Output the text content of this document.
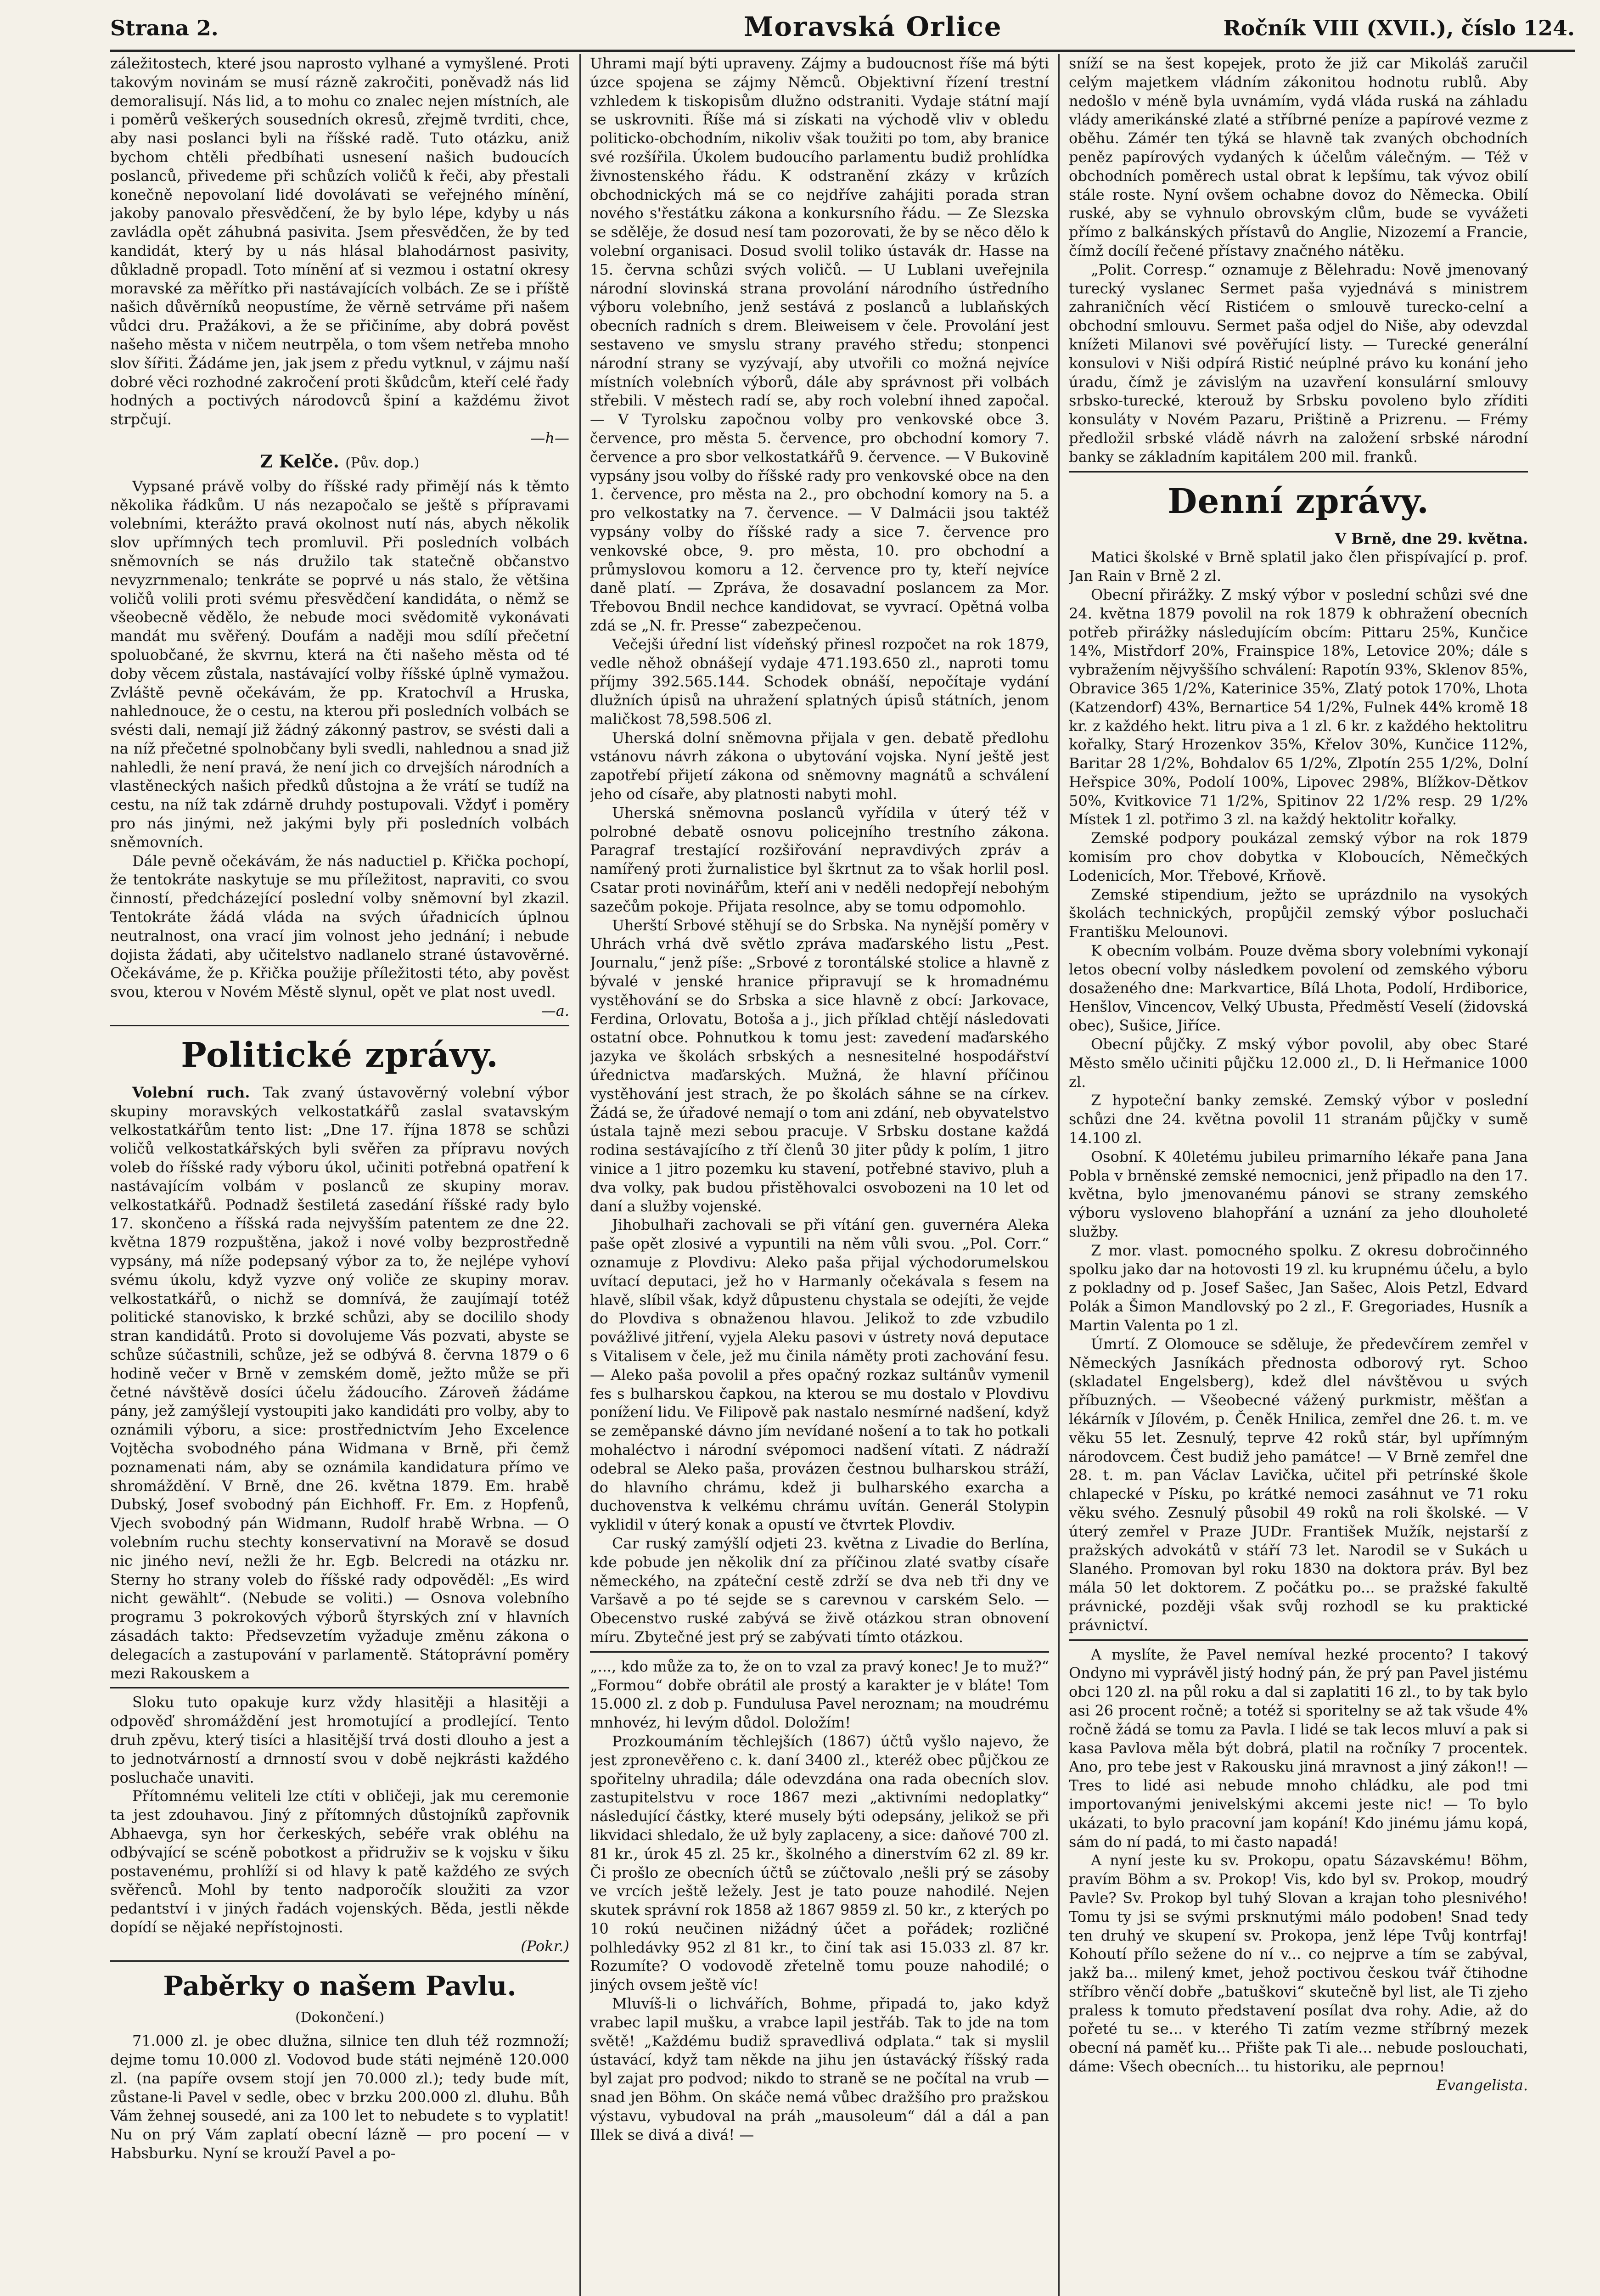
Strana 2.	Moravská Orlice	Ročník VIII (XVII.), číslo 124.

záležitostech, které jsou naprosto vylhané a vymyšlené. Proti takovým novinám se musí rázně zakročiti, poněvadž nás lid demoralisují. Nás lid, a to mohu co znalec nejen místních, ale i poměrů veškerých sousedních okresů, zřejmě tvrditi, chce, aby nasi poslanci byli na říšské radě. Tuto otázku, aniž bychom chtěli předbíhati usnesení našich budoucích poslanců, přivedeme při schůzích voličů k řeči, aby přestali konečně nepovolaní lidé dovolávati se veřejného mínění, jakoby panovalo přesvědčení, že by bylo lépe, kdyby u nás zavládla opět záhubná pasivita. Jsem přesvědčen, že by teď kandidát, který by u nás hlásal blahodárnost pasivity, důkladně propadl. Toto mínění ať si vezmou i ostatní okresy moravské za měřítko při nastávajících volbách. Ze se i příště našich důvěrníků neopustíme, že věrně setrváme při našem vůdci dru. Pražákovi, a že se přičiníme, aby dobrá pověst našeho města v ničem neutrpěla, o tom všem netřeba mnoho slov šířiti. Žádáme jen, jak jsem z předu vytknul, v zájmu naší dobré věci rozhodné zakročení proti škůdcům, kteří celé řady hodných a poctivých národovců špiní a každému život strpčují.

—h—
Z Kelče. (Pův. dop.)

Vypsané právě volby do říšské rady přimějí nás k těmto několika řádkům. U nás nezapočalo se ještě s přípravami volebními, kterážto pravá okolnost nutí nás, abych několik slov upřímných tech promluvil. Při posledních volbách sněmovních se nás družilo tak statečně občanstvo nevyzrnmenalo; tenkráte se poprvé u nás stalo, že většina voličů volili proti svému přesvědčení kandidáta, o němž se všeobecně vědělo, že nebude moci svědomitě vykonávati mandát mu svěřený. Doufám a naději mou sdílí přečetní spoluobčané, že skvrnu, která na čti našeho města od té doby věcem zůstala, nastávající volby říšské úplně vymažou. Zvláště pevně očekávám, že pp. Kratochvíl a Hruska, nahlednouce, že o cestu, na kterou při posledních volbách se svésti dali, nemají již žádný zákonný pastrov, se svésti dali a na níž přečetné spolnobčany byli svedli, nahlednou a snad již nahledli, že není pravá, že není jich co drvejších národních a vlastěneckých našich předků důstojna a že vrátí se tudíž na cestu, na níž tak zdárně druhdy postupovali. Vždyť i poměry pro nás jinými, než jakými byly při posledních volbách sněmovních.

Dále pevně očekávám, že nás naductiel p. Křička pochopí, že tentokráte naskytuje se mu příležitost, napraviti, co svou činností, předcházející poslední volby sněmovní byl zkazil. Tentokráte žádá vláda na svých úřadnicích úplnou neutralnost, ona vrací jim volnost jeho jednání; i nebude dojista žádati, aby učitelstvo nadlanelo strané ústavověrné. Očekáváme, že p. Křička použije příležitosti této, aby pověst svou, kterou v Novém Městě slynul, opět ve plat nost uvedl.

—a.
Politické zprávy.

Volební ruch. Tak zvaný ústavověrný volební výbor skupiny moravských velkostatkářů zaslal svatavským velkostatkářům tento list: „Dne 17. října 1878 se schůzi voličů velkostatkářských byli svěřen za přípravu nových voleb do říšské rady výboru úkol, učiniti potřebná opatření k nastávajícím volbám v poslanců ze skupiny morav. velkostatkářů. Podnadž šestiletá zasedání říšské rady bylo 17. skončeno a říšská rada nejvyšším patentem ze dne 22. května 1879 rozpuštěna, jakož i nové volby bezprostředně vypsány, má níže podepsaný výbor za to, že nejlépe vyhoví svému úkolu, když vyzve oný voliče ze skupiny morav. velkostatkářů, o nichž se domnívá, že zaujímají totéž politické stanovisko, k brzké schůzi, aby se docililo shody stran kandidátů. Proto si dovolujeme Vás pozvati, abyste se schůze súčastnili, schůze, jež se odbývá 8. června 1879 o 6 hodině večer v Brně v zemském domě, ježto může se při četné návštěvě dosíci účelu žádoucího. Zároveň žádáme pány, jež zamýšlejí vystoupiti jako kandidáti pro volby, aby to oznámili výboru, a sice: prostřednictvím Jeho Excelence Vojtěcha svobodného pána Widmana v Brně, při čemž poznamenati nám, aby se oznámila kandidatura přímo ve shromáždění. V Brně, dne 26. května 1879. Em. hrabě Dubský, Josef svobodný pán Eichhoff. Fr. Em. z Hopfenů, Vjech svobodný pán Widmann, Rudolf hrabě Wrbna. — O volebním ruchu stechty konservativní na Moravě se dosud nic jiného neví, nežli že hr. Egb. Belcredi na otázku nr. Sterny ho strany voleb do říšské rady odpověděl: „Es wird nicht gewählt“. (Nebude se voliti.) — Osnova volebního programu 3 pokrokových výborů štyrských zní v hlavních zásadách takto: Předsevzetím vyžaduje změnu zákona o delegacích a zastupování v parlamentě. Státoprávní poměry mezi Rakouskem a

Sloku tuto opakuje kurz vždy hlasitěji a hlasitěji a odpověď shromáždění jest hromotující a prodlející. Tento druh zpěvu, který tisíci a hlasitější trvá dosti dlouho a jest a to jednotvárností a drnností svou v době nejkrásti každého posluchače unaviti.

Přítomnému veliteli lze ctíti v obličeji, jak mu ceremonie ta jest zdouhavou. Jiný z přítomných důstojníků zapřovnik Abhaevga, syn hor čerkeských, sebéře vrak obléhu na odbývající se scéně pobotkost a přidruživ se k vojsku v šiku postavenému, prohlíží si od hlavy k patě každého ze svých svěřenců. Mohl by tento nadporočík sloužiti za vzor pedantství i v jiných řadách vojenských. Běda, jestli někde dopídí se nějaké nepřístojnosti.

(Pokr.)
Paběrky o našem Pavlu.
(Dokončení.)

71.000 zl. je obec dlužna, silnice ten dluh též rozmnoží; dejme tomu 10.000 zl. Vodovod bude státi nejméně 120.000 zl. (na papíře ovsem stojí jen 70.000 zl.); tedy bude mít, zůstane-li Pavel v sedle, obec v brzku 200.000 zl. dluhu. Bůh Vám žehnej sousedé, ani za 100 let to nebudete s to vyplatit! Nu on prý Vám zaplatí obecní lázně — pro pocení — v Habsburku. Nyní se krouží Pavel a po-

Uhrami mají býti upraveny. Zájmy a budoucnost říše má býti úzce spojena se zájmy Němců. Objektivní řízení trestní vzhledem k tiskopisům dlužno odstraniti. Vydaje státní mají se uskrovniti. Říše má si získati na východě vliv v obledu politicko-obchodním, nikoliv však toužiti po tom, aby branice své rozšířila. Úkolem budoucího parlamentu budiž prohlídka živnostenského řádu. K odstranění zkázy v krůzích obchodnických má se co nejdříve zahájiti porada stran nového s'řestátku zákona a konkursního řádu. — Ze Slezska se sdělěje, že dosud nesí tam pozorovati, že by se něco dělo k volební organisaci. Dosud svolil toliko ústavák dr. Hasse na 15. června schůzi svých voličů. — U Lublani uveřejnila národní slovinská strana provolání národního ústředního výboru volebního, jenž sestává z poslanců a lublaňských obecních radních s drem. Bleiweisem v čele. Provolání jest sestaveno ve smyslu strany pravého středu; stonpenci národní strany se vyzývají, aby utvořili co možná nejvíce místních volebních výborů, dále aby správnost při volbách střebili. V městech radí se, aby roch volební ihned započal. — V Tyrolsku započnou volby pro venkovské obce 3. července, pro města 5. července, pro obchodní komory 7. července a pro sbor velkostatkářů 9. července. — V Bukovině vypsány jsou volby do říšské rady pro venkovské obce na den 1. července, pro města na 2., pro obchodní komory na 5. a pro velkostatky na 7. července. — V Dalmácii jsou taktéž vypsány volby do říšské rady a sice 7. července pro venkovské obce, 9. pro města, 10. pro obchodní a průmyslovou komoru a 12. července pro ty, kteří nejvíce daně platí. — Zpráva, že dosavadní poslancem za Mor. Třebovou Bndil nechce kandidovat, se vyvrací. Opětná volba zdá se „N. fr. Presse“ zabezpečenou.

Večejši úřední list vídeňský přinesl rozpočet na rok 1879, vedle něhož obnášejí vydaje 471.193.650 zl., naproti tomu příjmy 392.565.144. Schodek obnáší, nepočítaje vydání dlužních úpisů na uhražení splatných úpisů státních, jenom maličkost 78,598.506 zl.

Uherská dolní sněmovna přijala v gen. debatě předlohu vstánovu návrh zákona o ubytování vojska. Nyní ještě jest zapotřebí přijetí zákona od sněmovny magnátů a schválení jeho od císaře, aby platnosti nabyti mohl.

Uherská sněmovna poslanců vyřídila v úterý též v polrobné debatě osnovu policejního trestního zákona. Paragraf trestající rozšiřování nepravdivých zpráv a namířený proti žurnalistice byl škrtnut za to však horlil posl. Csatar proti novinářům, kteří ani v neděli nedopřejí nebohým sazečům pokoje. Přijata resolnce, aby se tomu odpomohlo.

Uherští Srbové stěhují se do Srbska. Na nynější poměry v Uhrách vrhá dvě světlo zpráva maďarského listu „Pest. Journalu,“ jenž píše: „Srbové z torontálské stolice a hlavně z bývalé v jenské hranice připravují se k hromadnému vystěhování se do Srbska a sice hlavně z obcí: Jarkovace, Ferdina, Orlovatu, Botoša a j., jich příklad chtějí následovati ostatní obce. Pohnutkou k tomu jest: zavedení maďarského jazyka ve školách srbských a nesnesitelné hospodářství úřednictva maďarských. Mužná, že hlavní příčinou vystěhování jest strach, že po školách sáhne se na církev. Žádá se, že úřadové nemají o tom ani zdání, neb obyvatelstvo ústala tajně mezi sebou pracuje. V Srbsku dostane každá rodina sestávajícího z tří členů 30 jiter půdy k polím, 1 jitro vinice a 1 jitro pozemku ku stavení, potřebné stavivo, pluh a dva volky, pak budou přistěhovalci osvobozeni na 10 let od daní a služby vojenské.

Jihobulhaři zachovali se při vítání gen. guvernéra Aleka paše opět zlosivé a vypuntili na něm vůli svou. „Pol. Corr.“ oznamuje z Plovdivu: Aleko paša přijal východorumelskou uvítací deputaci, jež ho v Harmanly očekávala s fesem na hlavě, slíbil však, když důpustenu chystala se odejíti, že vejde do Plovdiva s obnaženou hlavou. Jelikož to zde vzbudilo povážlivé jitření, vyjela Aleku pasovi v ústrety nová deputace s Vitalisem v čele, jež mu činila náměty proti zachování fesu. — Aleko paša povolil a přes opačný rozkaz sultánův vymenil fes s bulharskou čapkou, na kterou se mu dostalo v Plovdivu ponížení lidu. Ve Filipově pak nastalo nesmírné nadšení, když se zeměpanské dávno jím nevídané nošení a to tak ho potkali mohaléctvo i národní svépomoci nadšení vítati. Z nádraží odebral se Aleko paša, provázen čestnou bulharskou stráží, do hlavního chrámu, kdež ji bulharského exarcha a duchovenstva k velkému chrámu uvítán. Generál Stolypin vyklidil v úterý konak a opustí ve čtvrtek Plovdiv.

Car ruský zamýšlí odjeti 23. května z Livadie do Berlína, kde pobude jen několik dní za příčinou zlaté svatby císaře německého, na zpáteční cestě zdrží se dva neb tři dny ve Varšavě a po té sejde se s carevnou v carském Selo. — Obecenstvo ruské zabývá se živě otázkou stran obnovení míru. Zbytečné jest prý se zabývati tímto otázkou.

„..., kdo může za to, že on to vzal za pravý konec! Je to muž?“ „Formou“ dobře obrátil ale prostý a karakter je v bláte! Tom 15.000 zl. z dob p. Fundulusa Pavel neroznam; na moudrému mnhovéz, hi levým důdol. Doložím!

Prozkoumáním těchlejších (1867) účtů vyšlo najevo, že jest zpronevěřeno c. k. daní 3400 zl., kteréž obec půjčkou ze spořitelny uhradila; dále odevzdána ona rada obecních slov. zastupitelstvu v roce 1867 mezi „aktivními nedoplatky“ následující částky, které musely býti odepsány, jelikož se při likvidaci shledalo, že už byly zaplaceny, a sice: daňové 700 zl. 81 kr., úrok 45 zl. 25 kr., školného a dinerstvím 62 zl. 89 kr. Či prošlo ze obecních účtů se zúčtovalo ,nešli prý se zásoby ve vrcích ještě ležely. Jest je tato pouze nahodilé. Nejen skutek správní rok 1858 až 1867 9859 zl. 50 kr., z kterých po 10 rokú neučinen nižádný účet a pořádek; rozličné polhledávky 952 zl 81 kr., to činí tak asi 15.033 zl. 87 kr. Rozumíte? O vodovodě zřetelně tomu pouze nahodilé; o jiných ovsem ještě víc!

Mluvíš-li o lichvářích, Bohme, připadá to, jako když vrabec lapil mušku, a vrabce lapil jestřáb. Tak to jde na tom světě! „Každému budiž spravedlivá odplata.“ tak si myslil ústavácí, když tam někde na jihu jen ústavácký říšský rada byl zajat pro podvod; nikdo to straně se ne počítal na vrub — snad jen Böhm. On skáče nemá vůbec dražšího pro pražskou výstavu, vybudoval na práh „mausoleum“ dál a dál a pan Illek se divá a divá! —

sníží se na šest kopejek, proto že již car Mikoláš zaručil celým majetkem vládním zákonitou hodnotu rublů. Aby nedošlo v méně byla uvnámím, vydá vláda ruská na záhladu vlády amerikánské zlaté a stříbrné peníze a papírové vezme z oběhu. Zámér ten týká se hlavně tak zvaných obchodních peněz papírových vydaných k účelům válečným. — Též v obchodních poměrech ustal obrat k lepšímu, tak vývoz obilí stále roste. Nyní ovšem ochabne dovoz do Německa. Obilí ruské, aby se vyhnulo obrovským clům, bude se vyvážeti přímo z balkánských přístavů do Anglie, Nizozemí a Francie, čímž docílí řečené přístavy značného nátěku.

„Polit. Corresp.“ oznamuje z Bělehradu: Nově jmenovaný turecký vyslanec Sermet paša vyjednává s ministrem zahraničních věcí Ristićem o smlouvě turecko-celní a obchodní smlouvu. Sermet paša odjel do Niše, aby odevzdal knížeti Milanovi své pověřující listy. — Turecké generální konsulovi v Niši odpírá Ristić neúplné právo ku konání jeho úradu, čímž je závislým na uzavření konsulární smlouvy srbsko-turecké, kterouž by Srbsku povoleno bylo zříditi konsuláty v Novém Pazaru, Prištině a Prizrenu. — Frémy předložil srbské vládě návrh na založení srbské národní banky se základním kapitálem 200 mil. franků.

Denní zprávy.
V Brně, dne 29. května.

Matici školské v Brně splatil jako člen přispívající p. prof. Jan Rain v Brně 2 zl.

Obecní přirážky. Z mský výbor v poslední schůzi své dne 24. května 1879 povolil na rok 1879 k obhražení obecních potřeb přirážky následujícím obcím: Pittaru 25%, Kunčice 14%, Mistřdorf 20%, Frainspice 18%, Letovice 20%; dále s vybražením nějvyššího schválení: Rapotín 93%, Sklenov 85%, Obravice 365 1/2%, Katerinice 35%, Zlatý potok 170%, Lhota (Katzendorf) 43%, Bernartice 54 1/2%, Fulnek 44% kromě 18 kr. z každého hekt. litru piva a 1 zl. 6 kr. z každého hektolitru kořalky, Starý Hrozenkov 35%, Křelov 30%, Kunčice 112%, Baritar 28 1/2%, Bohdalov 65 1/2%, Zlpotín 255 1/2%, Dolní Heřspice 30%, Podolí 100%, Lipovec 298%, Blížkov-Dětkov 50%, Kvitkovice 71 1/2%, Spitinov 22 1/2% resp. 29 1/2% Místek 1 zl. potřimo 3 zl. na každý hektolitr kořalky.

Zemské podpory poukázal zemský výbor na rok 1879 komisím pro chov dobytka v Kloboucích, Němečkých Lodenicích, Mor. Třebové, Krňově.

Zemské stipendium, ježto se uprázdnilo na vysokých školách technických, propůjčil zemský výbor posluchači Františku Melounovi.

K obecním volbám. Pouze dvěma sbory volebními vykonají letos obecní volby následkem povolení od zemského výboru dosaženého dne: Markvartice, Bílá Lhota, Podolí, Hrdiborice, Henšlov, Vincencov, Velký Ubusta, Předměstí Veselí (židovská obec), Sušice, Jiříce.

Obecní půjčky. Z mský výbor povolil, aby obec Staré Město smělo učiniti půjčku 12.000 zl., D. li Heřmanice 1000 zl.

Z hypoteční banky zemské. Zemský výbor v poslední schůzi dne 24. května povolil 11 stranám půjčky v sumě 14.100 zl.

Osobní. K 40letému jubileu primarního lékaře pana Jana Pobla v brněnské zemské nemocnici, jenž připadlo na den 17. května, bylo jmenovanému pánovi se strany zemského výboru vysloveno blahopřání a uznání za jeho dlouholeté služby.

Z mor. vlast. pomocného spolku. Z okresu dobročinného spolku jako dar na hotovosti 19 zl. ku krupnému účelu, a bylo z pokladny od p. Josef Sašec, Jan Sašec, Alois Petzl, Edvard Polák a Šimon Mandlovský po 2 zl., F. Gregoriades, Husník a Martin Valenta po 1 zl.

Úmrtí. Z Olomouce se sděluje, že předevčírem zemřel v Německých Jasníkách přednosta odborový ryt. Schoo (skladatel Engelsberg), kdež dlel návštěvou u svých příbuzných. — Všeobecné vážený purkmistr, měšťan a lékárník v Jílovém, p. Čeněk Hnilica, zemřel dne 26. t. m. ve věku 55 let. Zesnulý, teprve 42 roků stár, byl upřímným národovcem. Čest budiž jeho památce! — V Brně zemřel dne 28. t. m. pan Václav Lavička, učitel při petrínské škole chlapecké v Písku, po krátké nemoci zasáhnut ve 71 roku věku svého. Zesnulý působil 49 roků na roli školské. — V úterý zemřel v Praze JUDr. František Mužík, nejstarší z pražských advokátů v stáří 73 let. Narodil se v Sukách u Slaného. Promovan byl roku 1830 na doktora práv. Byl bez mála 50 let doktorem. Z počátku po... se pražské fakultě právnické, později však svůj rozhodl se ku praktické právnictví.

A myslíte, že Pavel nemíval hezké procento? I takový Ondyno mi vyprávěl jistý hodný pán, že prý pan Pavel jistému obci 120 zl. na půl roku a dal si zaplatiti 16 zl., to by tak bylo asi 26 procent ročně; a totéž si sporitelny se až tak všude 4% ročně žádá se tomu za Pavla. I lidé se tak lecos mluví a pak si kasa Pavlova měla být dobrá, platil na ročníky 7 procentek. Ano, pro tebe jest v Rakousku jiná mravnost a jiný zákon!! — Tres to lidé asi nebude mnoho chládku, ale pod tmi importovanými jenivelskými akcemi jeste nic! — To bylo ukázati, to bylo pracovní jam kopání! Kdo jinému jámu kopá, sám do ní padá, to mi často napadá!

A nyní jeste ku sv. Prokopu, opatu Sázavskému! Böhm, pravím Böhm a sv. Prokop! Vis, kdo byl sv. Prokop, moudrý Pavle? Sv. Prokop byl tuhý Slovan a krajan toho plesnivého! Tomu ty jsi se svými prsknutými málo podoben! Snad tedy ten druhý ve skupení sv. Prokopa, jenž lépe Tvůj kontrfaj! Kohoutí přílo sežene do ní v... co nejprve a tím se zabýval, jakž ba... milený kmet, jehož poctivou českou tvář čtihodne stříbro věnčí dobře „batuškovi“ skutečně byl list, ale Ti zjeho praless k tomuto představení posílat dva rohy. Adie, až do pořeté tu se... v kterého Ti zatím vezme stříbrný mezek obecní ná paměť ku... Přište pak Ti ale... nebude poslouchati, dáme: Všech obecních... tu historiku, ale peprnou!

Evangelista.
